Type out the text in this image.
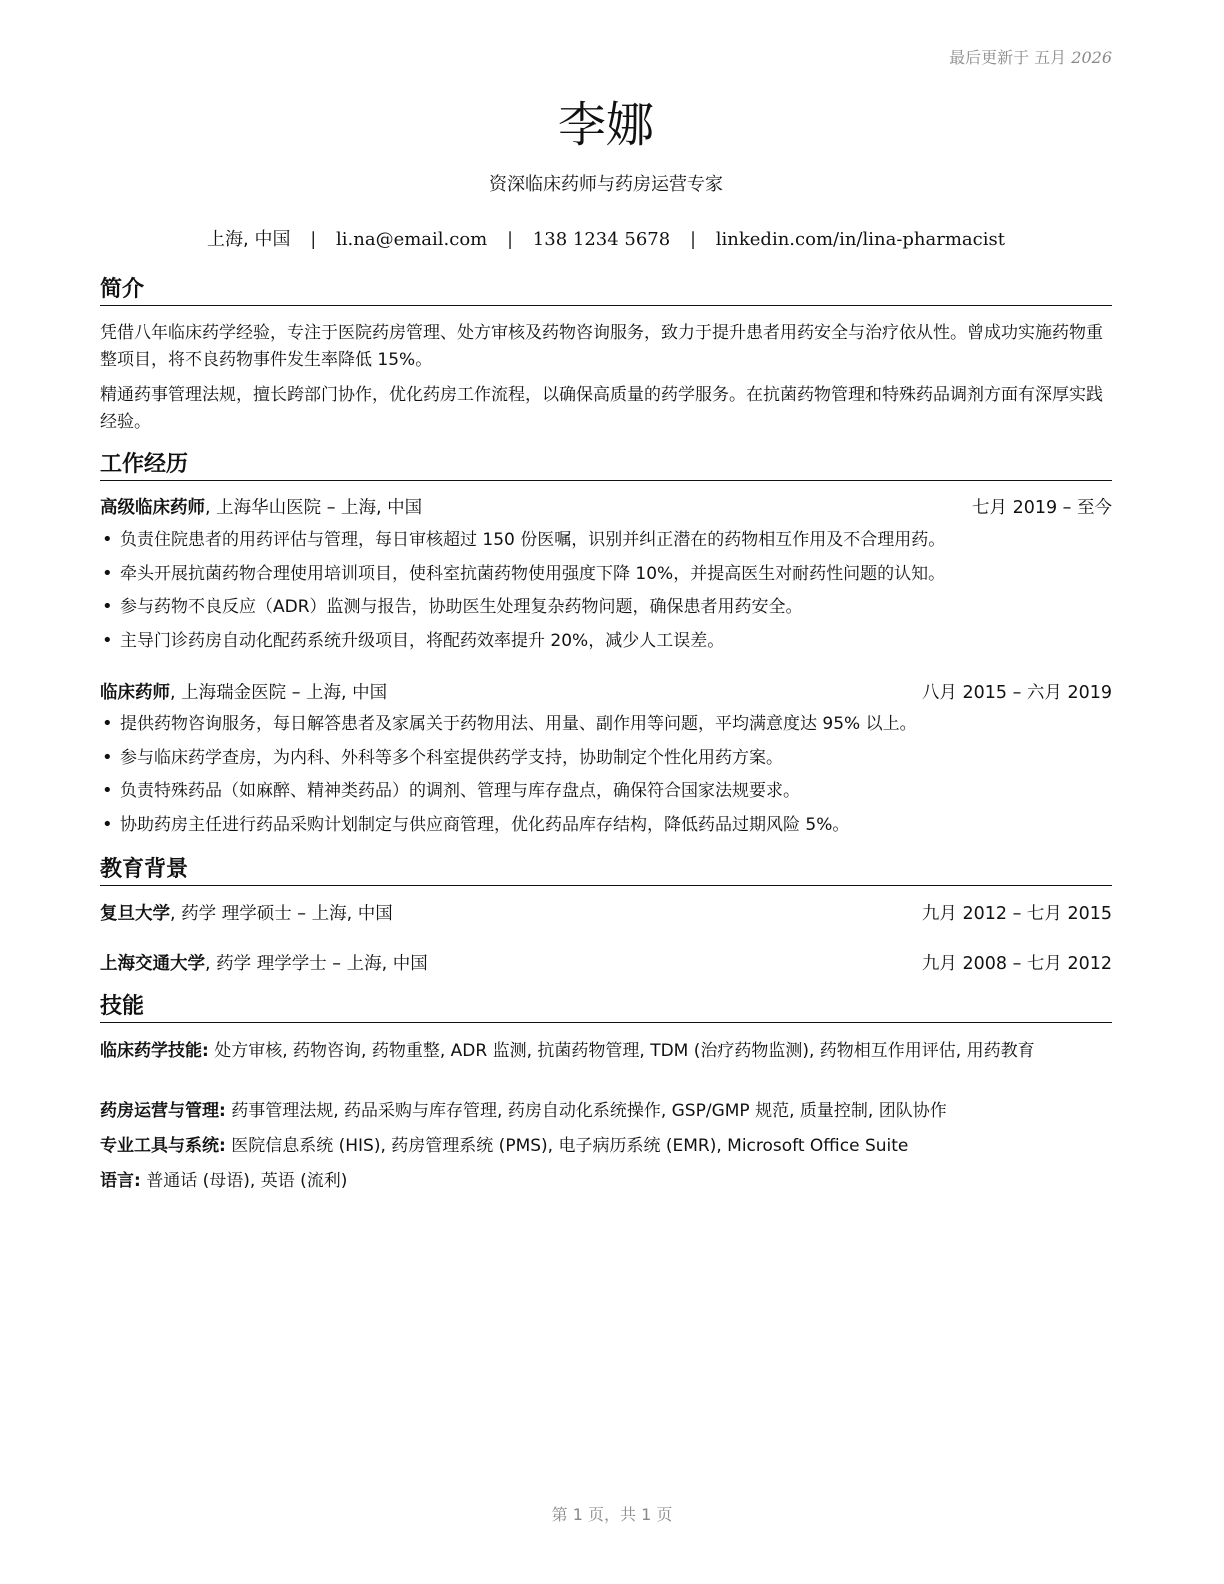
最后更新于 五月 2026
李娜
资深临床药师与药房运营专家
上海, 中国 | li.na@email.com | 138 1234 5678 | linkedin.com/in/lina-pharmacist
简介
凭借八年临床药学经验，专注于医院药房管理、处方审核及药物咨询服务，致力于提升患者用药安全与治疗依从性。曾成功实施药物重整项目，将不良药物事件发生率降低 15%。
精通药事管理法规，擅长跨部门协作，优化药房工作流程，以确保高质量的药学服务。在抗菌药物管理和特殊药品调剂方面有深厚实践经验。
工作经历
高级临床药师, 上海华山医院 – 上海, 中国	七月 2019 – 至今
• 负责住院患者的用药评估与管理，每日审核超过 150 份医嘱，识别并纠正潜在的药物相互作用及不合理用药。
• 牵头开展抗菌药物合理使用培训项目，使科室抗菌药物使用强度下降 10%，并提高医生对耐药性问题的认知。
• 参与药物不良反应（ADR）监测与报告，协助医生处理复杂药物问题，确保患者用药安全。
• 主导门诊药房自动化配药系统升级项目，将配药效率提升 20%，减少人工误差。
临床药师, 上海瑞金医院 – 上海, 中国	八月 2015 – 六月 2019
• 提供药物咨询服务，每日解答患者及家属关于药物用法、用量、副作用等问题，平均满意度达 95% 以上。
• 参与临床药学查房，为内科、外科等多个科室提供药学支持，协助制定个性化用药方案。
• 负责特殊药品（如麻醉、精神类药品）的调剂、管理与库存盘点，确保符合国家法规要求。
• 协助药房主任进行药品采购计划制定与供应商管理，优化药品库存结构，降低药品过期风险 5%。
教育背景
复旦大学, 药学 理学硕士 – 上海, 中国	九月 2012 – 七月 2015
上海交通大学, 药学 理学学士 – 上海, 中国	九月 2008 – 七月 2012
技能
临床药学技能: 处方审核, 药物咨询, 药物重整, ADR 监测, 抗菌药物管理, TDM (治疗药物监测), 药物相互作用评估, 用药教育
药房运营与管理: 药事管理法规, 药品采购与库存管理, 药房自动化系统操作, GSP/GMP 规范, 质量控制, 团队协作
专业工具与系统: 医院信息系统 (HIS), 药房管理系统 (PMS), 电子病历系统 (EMR), Microsoft Office Suite
语言: 普通话 (母语), 英语 (流利)
第 1 页，共 1 页
